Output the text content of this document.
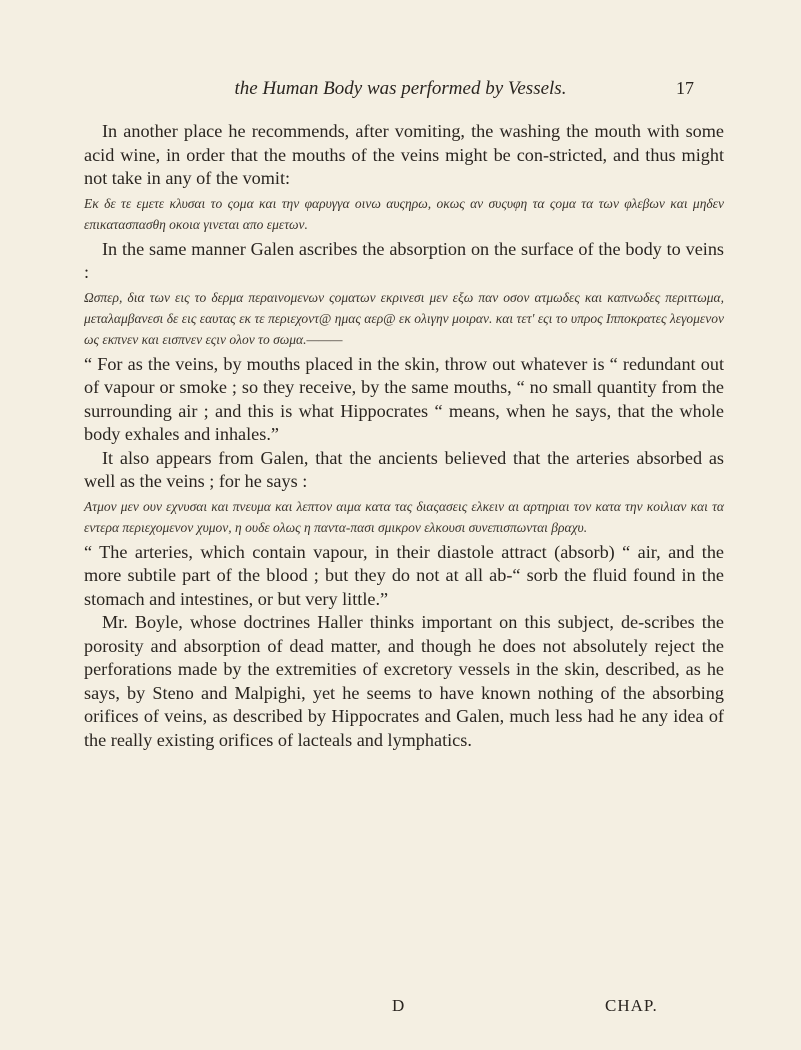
the Human Body was performed by Vessels.	17

In another place he recommends, after vomiting, the washing the mouth with some acid wine, in order that the mouths of the veins might be con-stricted, and thus might not take in any of the vomit:

Εκ δε τε εμετε κλυσαι το ςομα και την φαρυγγα οινω αυςηρω, οκως αν συςυφη τα ςομα τα των φλεβων και μηδεν επικατασπασθη οκοια γινεται απο εμετων.

In the same manner Galen ascribes the absorption on the surface of the body to veins :

Ωσπερ, δια των εις το δερμα περαινομενων ςοματων εκρινεσι μεν εξω παν οσον ατμωδες και καπνωδες περιττωμα, μεταλαμβανεσι δε εις εαυτας εκ τε περιεχοντ@ ημας αερ@ εκ ολιγην μοιραν. και τετ' εςι το υπρος Ιπποκρατες λεγομενον ως εκπνεν και εισπνεν εςιν ολον το σωμα.———

“ For as the veins, by mouths placed in the skin, throw out whatever is “ redundant out of vapour or smoke ; so they receive, by the same mouths, “ no small quantity from the surrounding air ; and this is what Hippocrates “ means, when he says, that the whole body exhales and inhales.”

It also appears from Galen, that the ancients believed that the arteries absorbed as well as the veins ; for he says :

Ατμον μεν ουν εχνυσαι και πνευμα και λεπτον αιμα κατα τας διαςασεις ελκειν αι αρτηριαι τον κατα την κοιλιαν και τα εντερα περιεχομενον χυμον, η ουδε ολως η παντα-πασι σμικρον ελκουσι συνεπισπωνται βραχυ.

“ The arteries, which contain vapour, in their diastole attract (absorb) “ air, and the more subtile part of the blood ; but they do not at all ab-“ sorb the fluid found in the stomach and intestines, or but very little.”

Mr. Boyle, whose doctrines Haller thinks important on this subject, de-scribes the porosity and absorption of dead matter, and though he does not absolutely reject the perforations made by the extremities of excretory vessels in the skin, described, as he says, by Steno and Malpighi, yet he seems to have known nothing of the absorbing orifices of veins, as described by Hippocrates and Galen, much less had he any idea of the really existing orifices of lacteals and lymphatics.

D	CHAP.
